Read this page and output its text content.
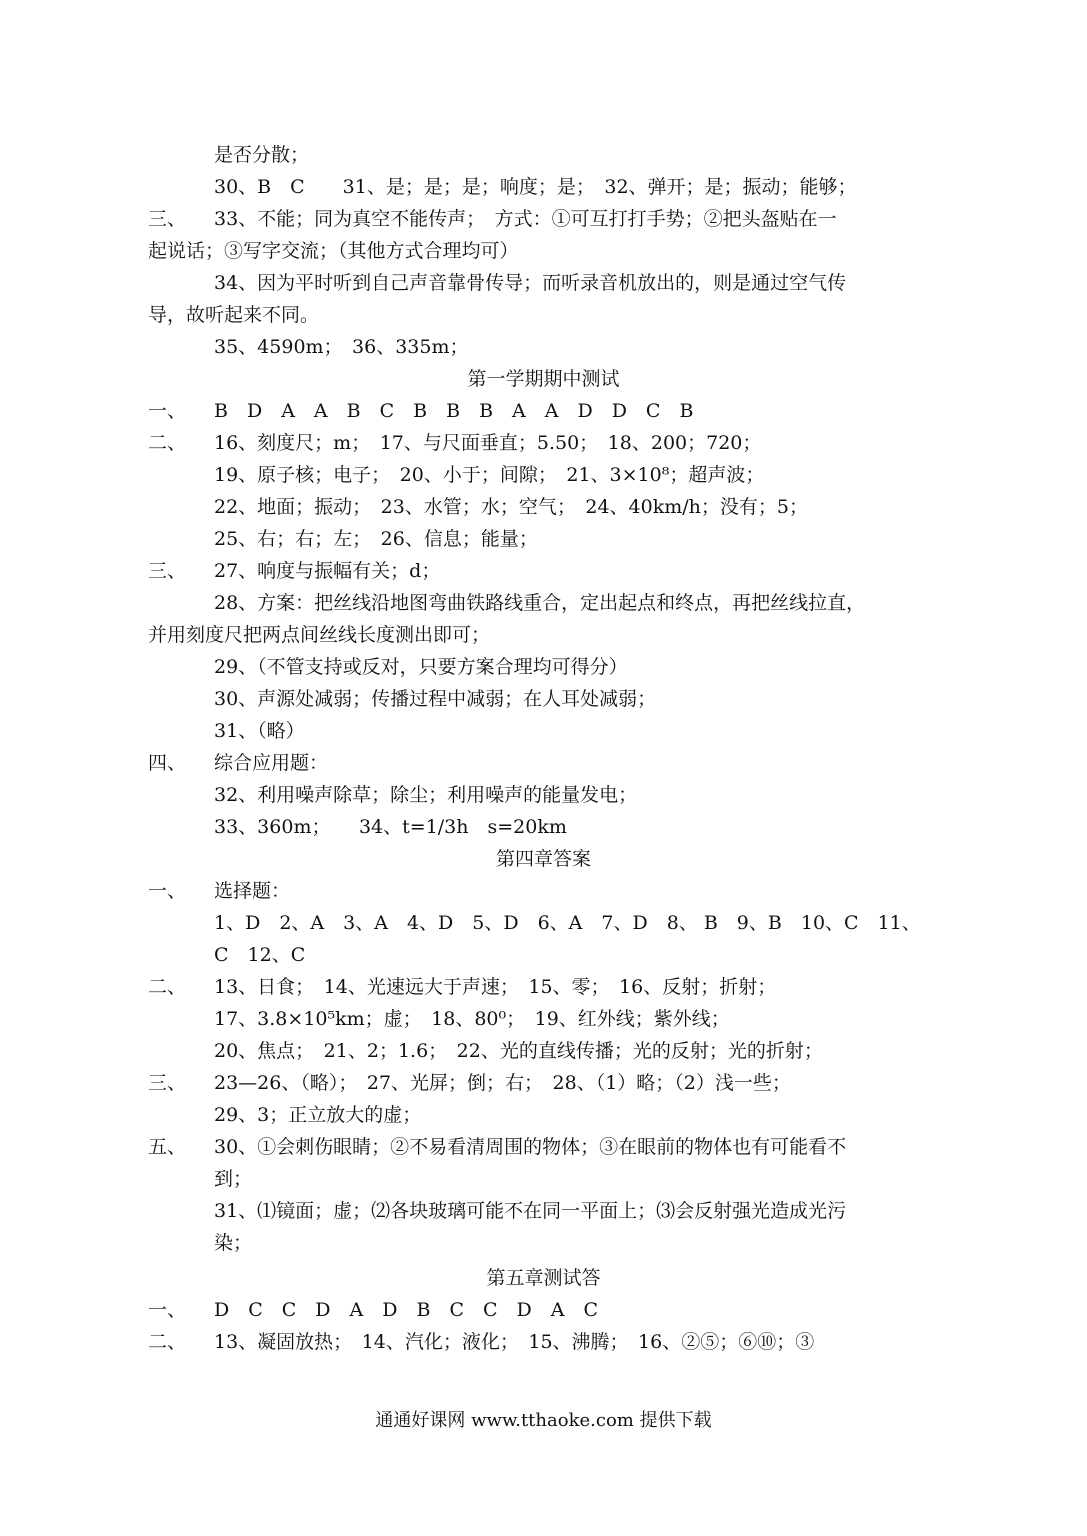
是否分散；
30、B　C　　31、是；是；是；响度；是；　32、弹开；是；振动；能够；
三、 33、不能；同为真空不能传声；　方式：①可互打打手势；②把头盔贴在一
起说话；③写字交流；（其他方式合理均可）
34、因为平时听到自己声音靠骨传导；而听录音机放出的，则是通过空气传
导，故听起来不同。
35、4590m；　36、335m；
第一学期期中测试
一、 B　D　A　A　B　C　B　B　B　A　A　D　D　C　B
二、 16、刻度尺；m；　17、与尺面垂直；5.50；　18、200；720；
19、原子核；电子；　20、小于；间隙；　21、3×10⁸；超声波；
22、地面；振动；　23、水管；水；空气；　24、40km/h；没有；5；
25、右；右；左；　26、信息；能量；
三、 27、响度与振幅有关；d；
28、方案：把丝线沿地图弯曲铁路线重合，定出起点和终点，再把丝线拉直，
并用刻度尺把两点间丝线长度测出即可；
29、（不管支持或反对，只要方案合理均可得分）
30、声源处减弱；传播过程中减弱；在人耳处减弱；
31、（略）
四、 综合应用题：
32、利用噪声除草；除尘；利用噪声的能量发电；
33、360m；　　34、t=1/3h　s=20km
第四章答案
一、 选择题：
1、D　2、A　3、A　4、D　5、D　6、A　7、D　8、 B　9、B　10、C　11、
C　12、C
二、 13、日食；　14、光速远大于声速；　15、零；　16、反射；折射；
17、3.8×10⁵km；虚；　18、80⁰；　19、红外线；紫外线；
20、焦点；　21、2；1.6；　22、光的直线传播；光的反射；光的折射；
三、 23—26、（略）；　27、光屏；倒；右；　28、（1）略；（2）浅一些；
29、3；正立放大的虚；
五、 30、①会刺伤眼睛；②不易看清周围的物体；③在眼前的物体也有可能看不
到；
31、⑴镜面；虚；⑵各块玻璃可能不在同一平面上；⑶会反射强光造成光污
染；
第五章测试答
一、 D　C　C　D　A　D　B　C　C　D　A　C
二、 13、凝固放热；　14、汽化；液化；　15、沸腾；　16、②⑤；⑥⑩；③
通通好课网 www.tthaoke.com 提供下载
